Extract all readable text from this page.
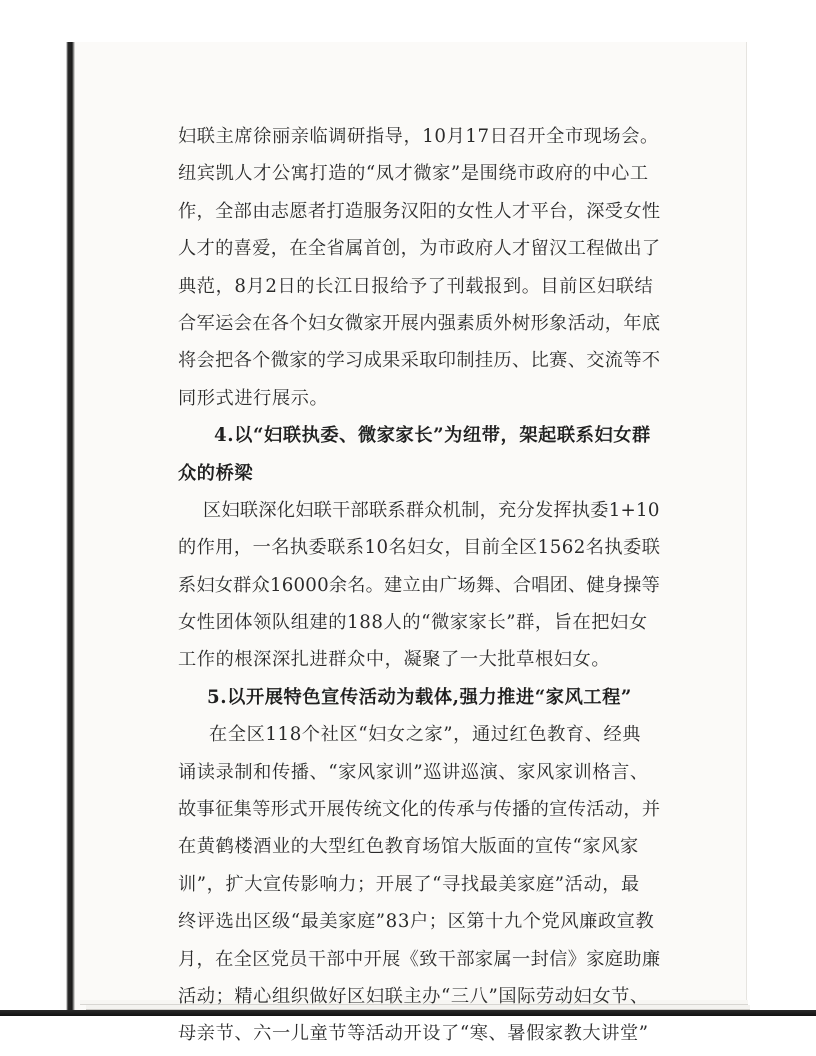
妇联主席徐丽亲临调研指导，10月17日召开全市现场会。
纽宾凯人才公寓打造的“凤才微家”是围绕市政府的中心工
作，全部由志愿者打造服务汉阳的女性人才平台，深受女性
人才的喜爱，在全省属首创，为市政府人才留汉工程做出了
典范，8月2日的长江日报给予了刊载报到。目前区妇联结
合军运会在各个妇女微家开展内强素质外树形象活动，年底
将会把各个微家的学习成果采取印制挂历、比赛、交流等不
同形式进行展示。
4.以“妇联执委、微家家长”为纽带，架起联系妇女群
众的桥梁
区妇联深化妇联干部联系群众机制，充分发挥执委1+10
的作用，一名执委联系10名妇女，目前全区1562名执委联
系妇女群众16000余名。建立由广场舞、合唱团、健身操等
女性团体领队组建的188人的“微家家长”群，旨在把妇女
工作的根深深扎进群众中，凝聚了一大批草根妇女。
5.以开展特色宣传活动为载体,强力推进“家风工程”
在全区118个社区“妇女之家”，通过红色教育、经典
诵读录制和传播、“家风家训”巡讲巡演、家风家训格言、
故事征集等形式开展传统文化的传承与传播的宣传活动，并
在黄鹤楼酒业的大型红色教育场馆大版面的宣传“家风家
训”，扩大宣传影响力；开展了“寻找最美家庭”活动，最
终评选出区级“最美家庭”83户；区第十九个党风廉政宣教
月，在全区党员干部中开展《致干部家属一封信》家庭助廉
活动；精心组织做好区妇联主办“三八”国际劳动妇女节、
母亲节、六一儿童节等活动开设了“寒、暑假家教大讲堂”
